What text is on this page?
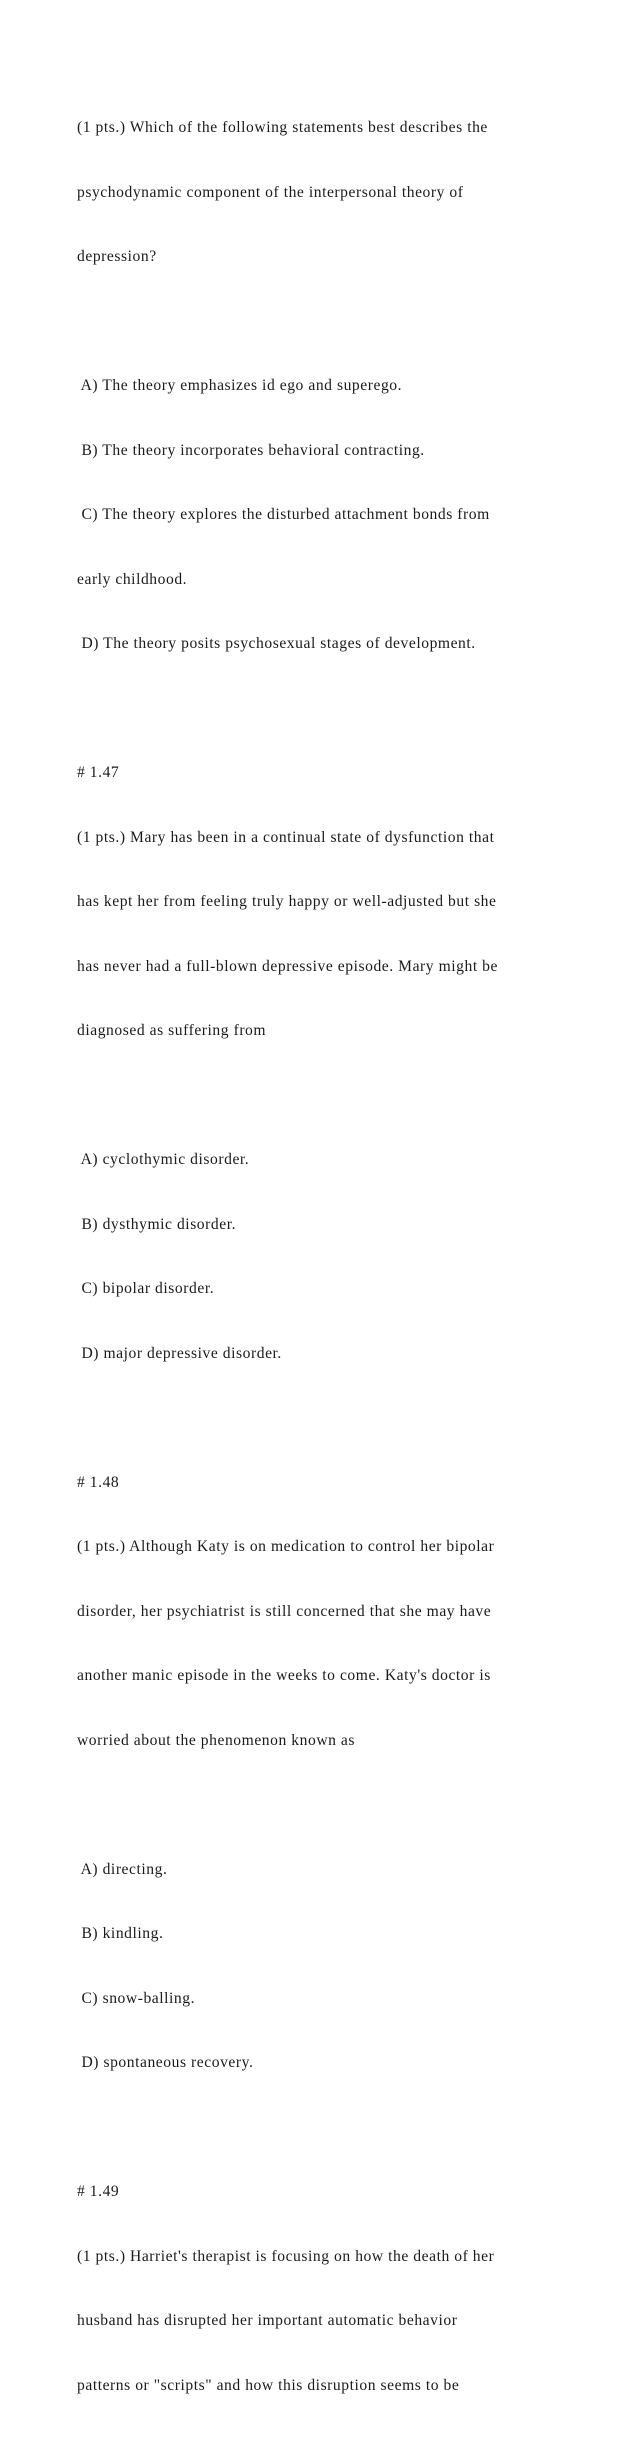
(1 pts.) Which of the following statements best describes the

psychodynamic component of the interpersonal theory of

depression?

A) The theory emphasizes id ego and superego.

B) The theory incorporates behavioral contracting.

C) The theory explores the disturbed attachment bonds from

early childhood.

D) The theory posits psychosexual stages of development.

# 1.47

(1 pts.) Mary has been in a continual state of dysfunction that

has kept her from feeling truly happy or well-adjusted but she

has never had a full-blown depressive episode. Mary might be

diagnosed as suffering from

A) cyclothymic disorder.

B) dysthymic disorder.

C) bipolar disorder.

D) major depressive disorder.

# 1.48

(1 pts.) Although Katy is on medication to control her bipolar

disorder, her psychiatrist is still concerned that she may have

another manic episode in the weeks to come. Katy's doctor is

worried about the phenomenon known as

A) directing.

B) kindling.

C) snow-balling.

D) spontaneous recovery.

# 1.49

(1 pts.) Harriet's therapist is focusing on how the death of her

husband has disrupted her important automatic behavior

patterns or "scripts" and how this disruption seems to be
